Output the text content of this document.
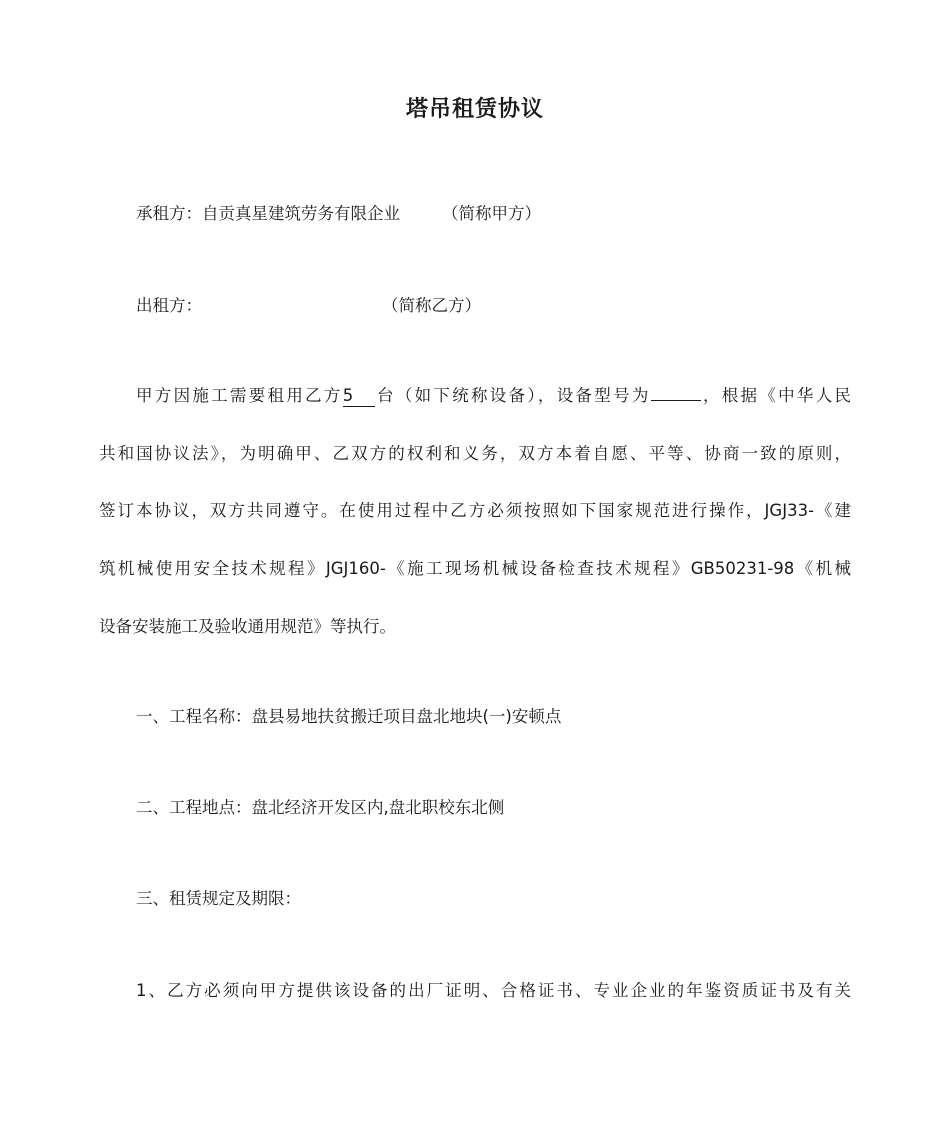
塔吊租赁协议

承租方：自贡真星建筑劳务有限企业	（简称甲方）

出租方：	（简称乙方）

甲方因施工需要租用乙方5 台（如下统称设备），设备型号为	，根据《中华人民

共和国协议法》，为明确甲、乙双方的权利和义务，双方本着自愿、平等、协商一致的原则，

签订本协议，双方共同遵守。在使用过程中乙方必须按照如下国家规范进行操作，JGJ33-《建

筑机械使用安全技术规程》JGJ160-《施工现场机械设备检查技术规程》GB50231-98《机械

设备安装施工及验收通用规范》等执行。

一、工程名称：盘县易地扶贫搬迁项目盘北地块(一)安顿点

二、工程地点：盘北经济开发区内,盘北职校东北侧

三、租赁规定及期限：

1、乙方必须向甲方提供该设备的出厂证明、合格证书、专业企业的年鉴资质证书及有关
